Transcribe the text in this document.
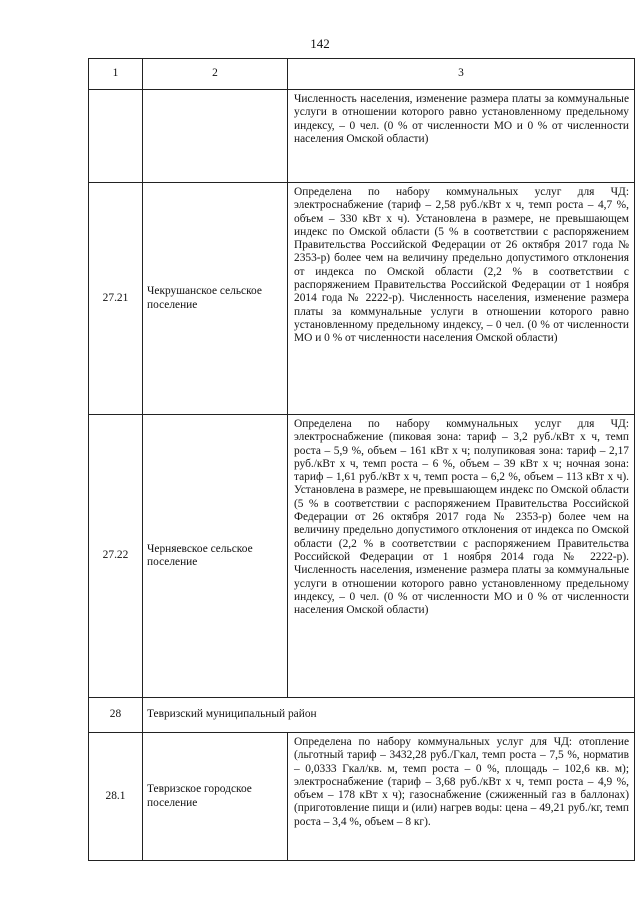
142
1	2	3
		Численность населения, изменение размера платы за коммунальные услуги в отношении которого равно установленному предельному индексу, – 0 чел. (0 % от численности МО и 0 % от численности населения Омской области)
27.21	Чекрушанское сельское поселение	Определена по набору коммунальных услуг для ЧД: электроснабжение (тариф – 2,58 руб./кВт х ч, темп роста – 4,7 %, объем – 330 кВт х ч). Установлена в размере, не превышающем индекс по Омской области (5 % в соответствии с распоряжением Правительства Российской Федерации от 26 октября 2017 года № 2353-р) более чем на величину предельно допустимого отклонения от индекса по Омской области (2,2 % в соответствии с распоряжением Правительства Российской Федерации от 1 ноября 2014 года № 2222-р). Численность населения, изменение размера платы за коммунальные услуги в отношении которого равно установленному предельному индексу, – 0 чел. (0 % от численности МО и 0 % от численности населения Омской области)
27.22	Черняевское сельское поселение	Определена по набору коммунальных услуг для ЧД: электроснабжение (пиковая зона: тариф – 3,2 руб./кВт х ч, темп роста – 5,9 %, объем – 161 кВт х ч; полупиковая зона: тариф – 2,17 руб./кВт х ч, темп роста – 6 %, объем – 39 кВт х ч; ночная зона: тариф – 1,61 руб./кВт х ч, темп роста – 6,2 %, объем – 113 кВт х ч). Установлена в размере, не превышающем индекс по Омской области (5 % в соответствии с распоряжением Правительства Российской Федерации от 26 октября 2017 года № 2353-р) более чем на величину предельно допустимого отклонения от индекса по Омской области (2,2 % в соответствии с распоряжением Правительства Российской Федерации от 1 ноября 2014 года № 2222-р). Численность населения, изменение размера платы за коммунальные услуги в отношении которого равно установленному предельному индексу, – 0 чел. (0 % от численности МО и 0 % от численности населения Омской области)
28	Тевризский муниципальный район	
28.1	Тевризское городское поселение	Определена по набору коммунальных услуг для ЧД: отопление (льготный тариф – 3432,28 руб./Гкал, темп роста – 7,5 %, норматив – 0,0333 Гкал/кв. м, темп роста – 0 %, площадь – 102,6 кв. м); электроснабжение (тариф – 3,68 руб./кВт х ч, темп роста – 4,9 %, объем – 178 кВт х ч); газоснабжение (сжиженный газ в баллонах) (приготовление пищи и (или) нагрев воды: цена – 49,21 руб./кг, темп роста – 3,4 %, объем – 8 кг).
